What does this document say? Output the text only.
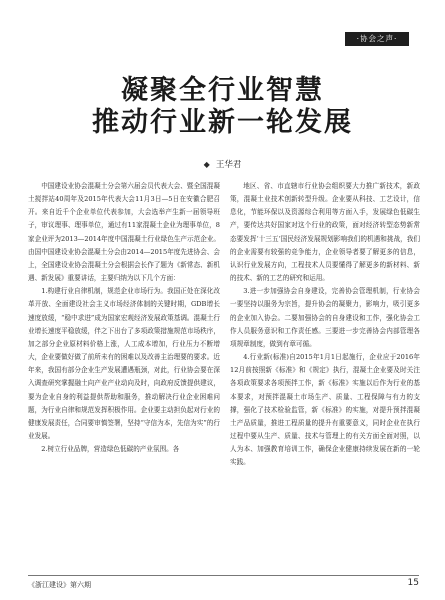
·协会之声·
凝聚全行业智慧
推动行业新一轮发展
◆ 王华君

中国建设业协会混凝土分会第六届会员代表大会、暨全国混凝土搅拌站40周年及2015年代表大会11月3日—5日在安徽合肥召开。来自近千个企业单位代表参加，大会选举产生新一届领导班子，审议理事、理事单位，通过有11家混凝土企业为理事单位，8家企业评为2013—2014年度中国混凝土行业绿色生产示范企业。由国中国建设业协会混凝土分会由2014—2015年度先进协会、会上，全国建设业协会混凝土分会根据会长作了题为《新常态、新机遇、新发展》重要讲话，主要归纳为以下几个方面：

1.构建行业自律机制，规范企业市场行为。我国正处在深化改革开放、全面建设社会主义市场经济体制的关键时期，GDB增长速度放缓，“稳中求进”成为国家宏观经济发展政策基调。混凝土行业增长速度平稳放缓，伴之下出台了多项政策措施规范市场秩序，加之部分企业原材料价格上涨，人工成本增加，行业压力不断增大，企业要做好做了前所未有的困难以及改善主治理要的要求。近年来，我国有部分企业生产发展遭遇瓶颈，对此，行业协会要在深入调查研究掌握融土向产业产业动向及时，向政府反馈提供建议，要为企业自身的利益提供帮助和服务，推动解决行业企业困难问题，为行业自律和规范发挥积极作用。企业要主动担负起对行业的健康发展责任，合同要审慎签署，坚持“守信为本，先信为实”的行业发展。

2.树立行业品牌，营造绿色低碳的产业氛围。各

地区、省、市直辖市行业协会组织要大力推广新技术，新政策，混凝土业技术创新转型升级。企业要从科技、工艺设计，信息化，节能环保以及资源综合利用等方面入手，发展绿色低碳生产，要传达共好国家对这个行业的政策，面对经济转型态势新常态要发挥‘十三五’国民经济发展规划影响我们的机遇和挑战，我们的企业需要有较强的竞争能力，企业领导者要了解更多的信息，认识行业发展方向，工程技术人员要懂得了解更多的新材料、新的技术、新的工艺的研究和运用。

3.进一步加强协会自身建设，完善协会管理机制，行业协会一要坚持以服务为宗旨，提升协会的凝聚力，影响力，吸引更多的企业加入协会。二要加强协会的自身建设和工作，强化协会工作人员服务意识和工作责任感。三要进一步完善协会内部管理各项规章制度，做到有章可循。

4.行业新(标准)自2015年1月1日起施行，企业应于2016年12月前按照新《标准》和《规定》执行，混凝土企业要及时关注各项政策要求各项预拌工作，新《标准》实施以后作为行业的基本要求，对预拌混凝土市场生产、质量、工程保障与有力的支撑，强化了技术检验监管，新《标准》的实施，对提升预拌混凝土产品质量，推进工程质量的提升有重要意义，同时企业在执行过程中要从生产、质量、技术与管理上的有关方面全面对照，以人为本、加强教育培训工作，确保企业健康持续发展在新的一轮实践。

《浙江建设》第六期	15
